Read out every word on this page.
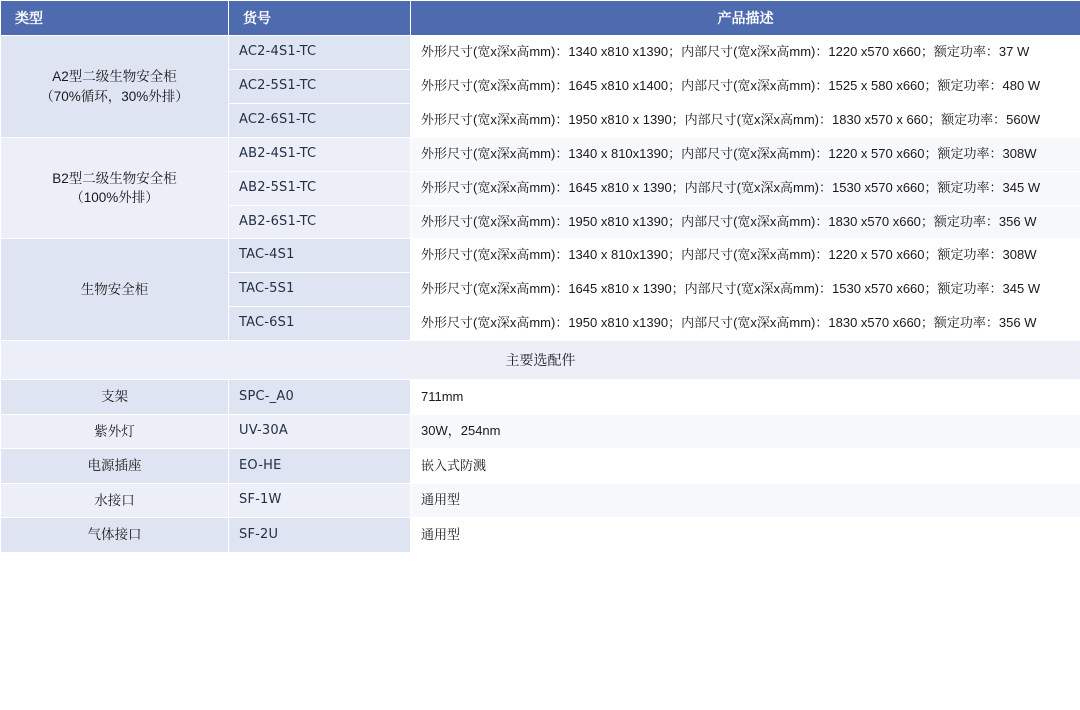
类型	货号	产品描述
A2型二级生物安全柜
（70%循环，30%外排）	AC2-4S1-TC	外形尺寸(宽x深x高mm)：1340 x810 x1390；内部尺寸(宽x深x高mm)：1220 x570 x660；额定功率：37 W
	AC2-5S1-TC	外形尺寸(宽x深x高mm)：1645 x810 x1400；内部尺寸(宽x深x高mm)：1525 x 580 x660；额定功率：480 W
	AC2-6S1-TC	外形尺寸(宽x深x高mm)：1950 x810 x 1390；内部尺寸(宽x深x高mm)：1830 x570 x 660；额定功率：560W
B2型二级生物安全柜
（100%外排）	AB2-4S1-TC	外形尺寸(宽x深x高mm)：1340 x 810x1390；内部尺寸(宽x深x高mm)：1220 x 570 x660；额定功率：308W
	AB2-5S1-TC	外形尺寸(宽x深x高mm)：1645 x810 x 1390；内部尺寸(宽x深x高mm)：1530 x570 x660；额定功率：345 W
	AB2-6S1-TC	外形尺寸(宽x深x高mm)：1950 x810 x1390；内部尺寸(宽x深x高mm)：1830 x570 x660；额定功率：356 W
生物安全柜	TAC-4S1	外形尺寸(宽x深x高mm)：1340 x 810x1390；内部尺寸(宽x深x高mm)：1220 x 570 x660；额定功率：308W
	TAC-5S1	外形尺寸(宽x深x高mm)：1645 x810 x 1390；内部尺寸(宽x深x高mm)：1530 x570 x660；额定功率：345 W
	TAC-6S1	外形尺寸(宽x深x高mm)：1950 x810 x1390；内部尺寸(宽x深x高mm)：1830 x570 x660；额定功率：356 W
主要选配件		
支架	SPC-_A0	711mm
紫外灯	UV-30A	30W，254nm
电源插座	EO-HE	嵌入式防溅
水接口	SF-1W	通用型
气体接口	SF-2U	通用型
